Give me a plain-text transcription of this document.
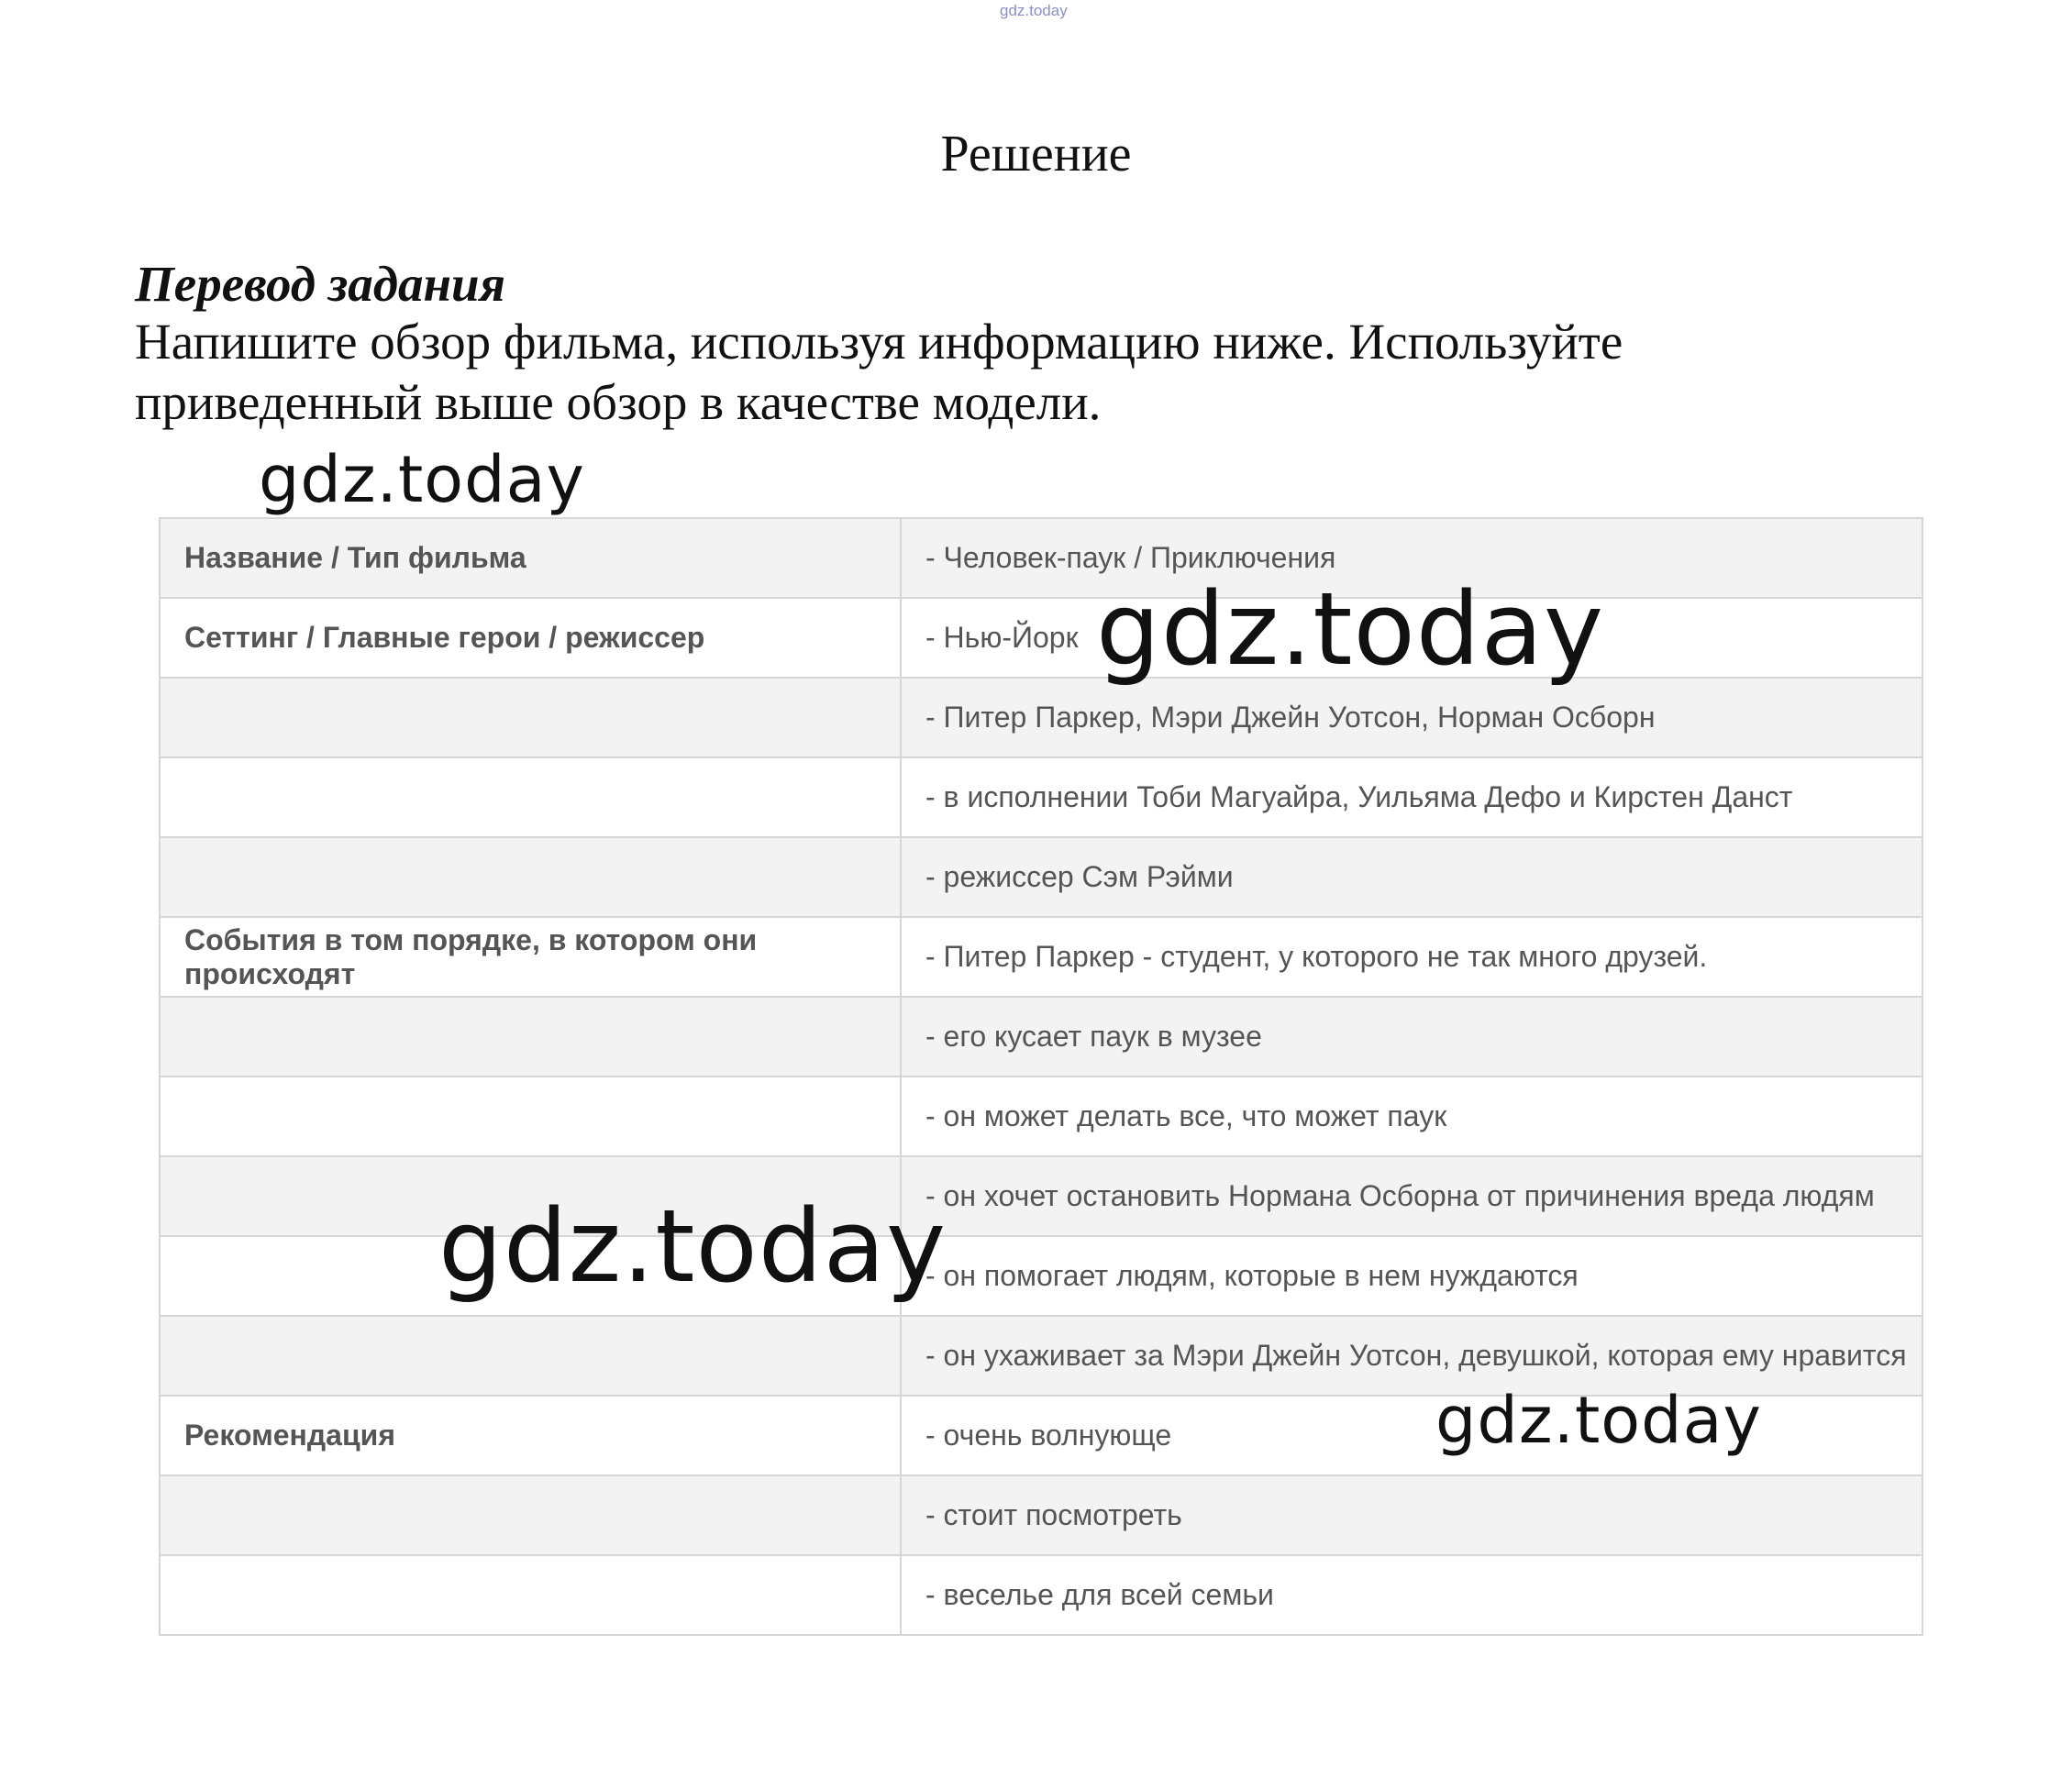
gdz.today
Решение
Перевод задания
Напишите обзор фильма, используя информацию ниже. Используйте
приведенный выше обзор в качестве модели.
Название / Тип фильма	- Человек-паук / Приключения
Сеттинг / Главные герои / режиссер	- Нью-Йорк
	- Питер Паркер, Мэри Джейн Уотсон, Норман Осборн
	- в исполнении Тоби Магуайра, Уильяма Дефо и Кирстен Данст
	- режиссер Сэм Рэйми
События в том порядке, в котором они происходят	- Питер Паркер - студент, у которого не так много друзей.
	- его кусает паук в музее
	- он может делать все, что может паук
	- он хочет остановить Нормана Осборна от причинения вреда людям
	- он помогает людям, которые в нем нуждаются
	- он ухаживает за Мэри Джейн Уотсон, девушкой, которая ему нравится
Рекомендация	- очень волнующе
	- стоит посмотреть
	- веселье для всей семьи
gdz.today
gdz.today
gdz.today
gdz.today
